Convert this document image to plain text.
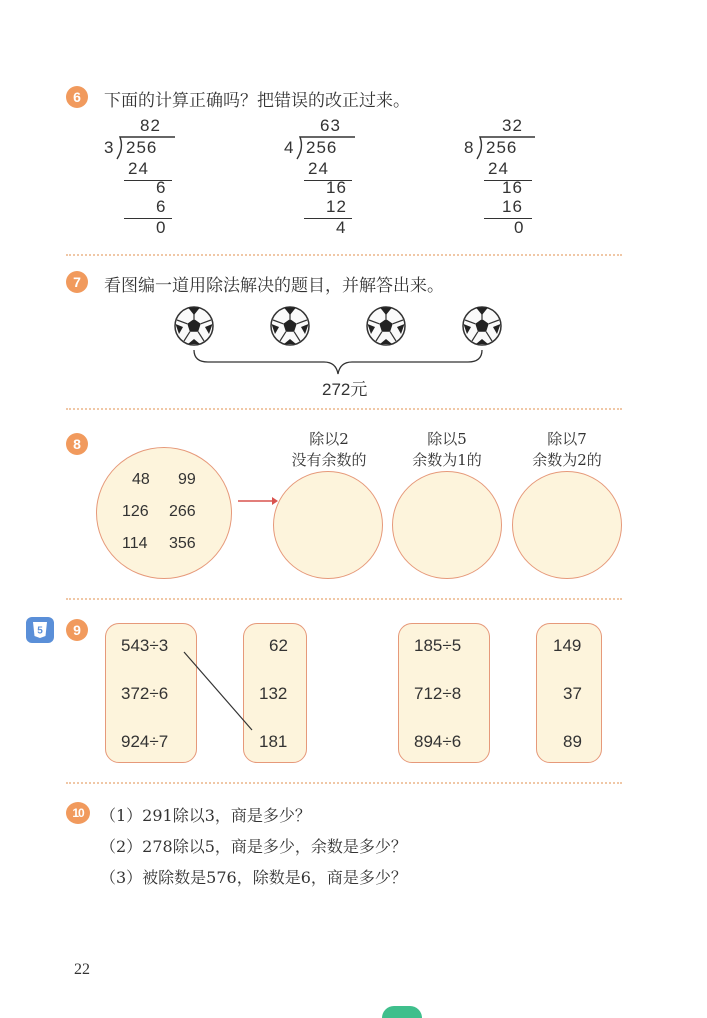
6	下面的计算正确吗？把错误的改正过来。
82
3 256
24
6
6
0
63
4 256
24
16
12
4
32
8 256
24
16
16
0
7	看图编一道用除法解决的题目，并解答出来。
272元
8
48 99
126 266
114 356
除以2
没有余数的
除以5
余数为1的
除以7
余数为2的
5	9
543÷3
372÷6
924÷7
62
132
181
185÷5
712÷8
894÷6
149
37
89
10	（1）291除以3，商是多少？
（2）278除以5，商是多少，余数是多少？
（3）被除数是576，除数是6，商是多少？
22
